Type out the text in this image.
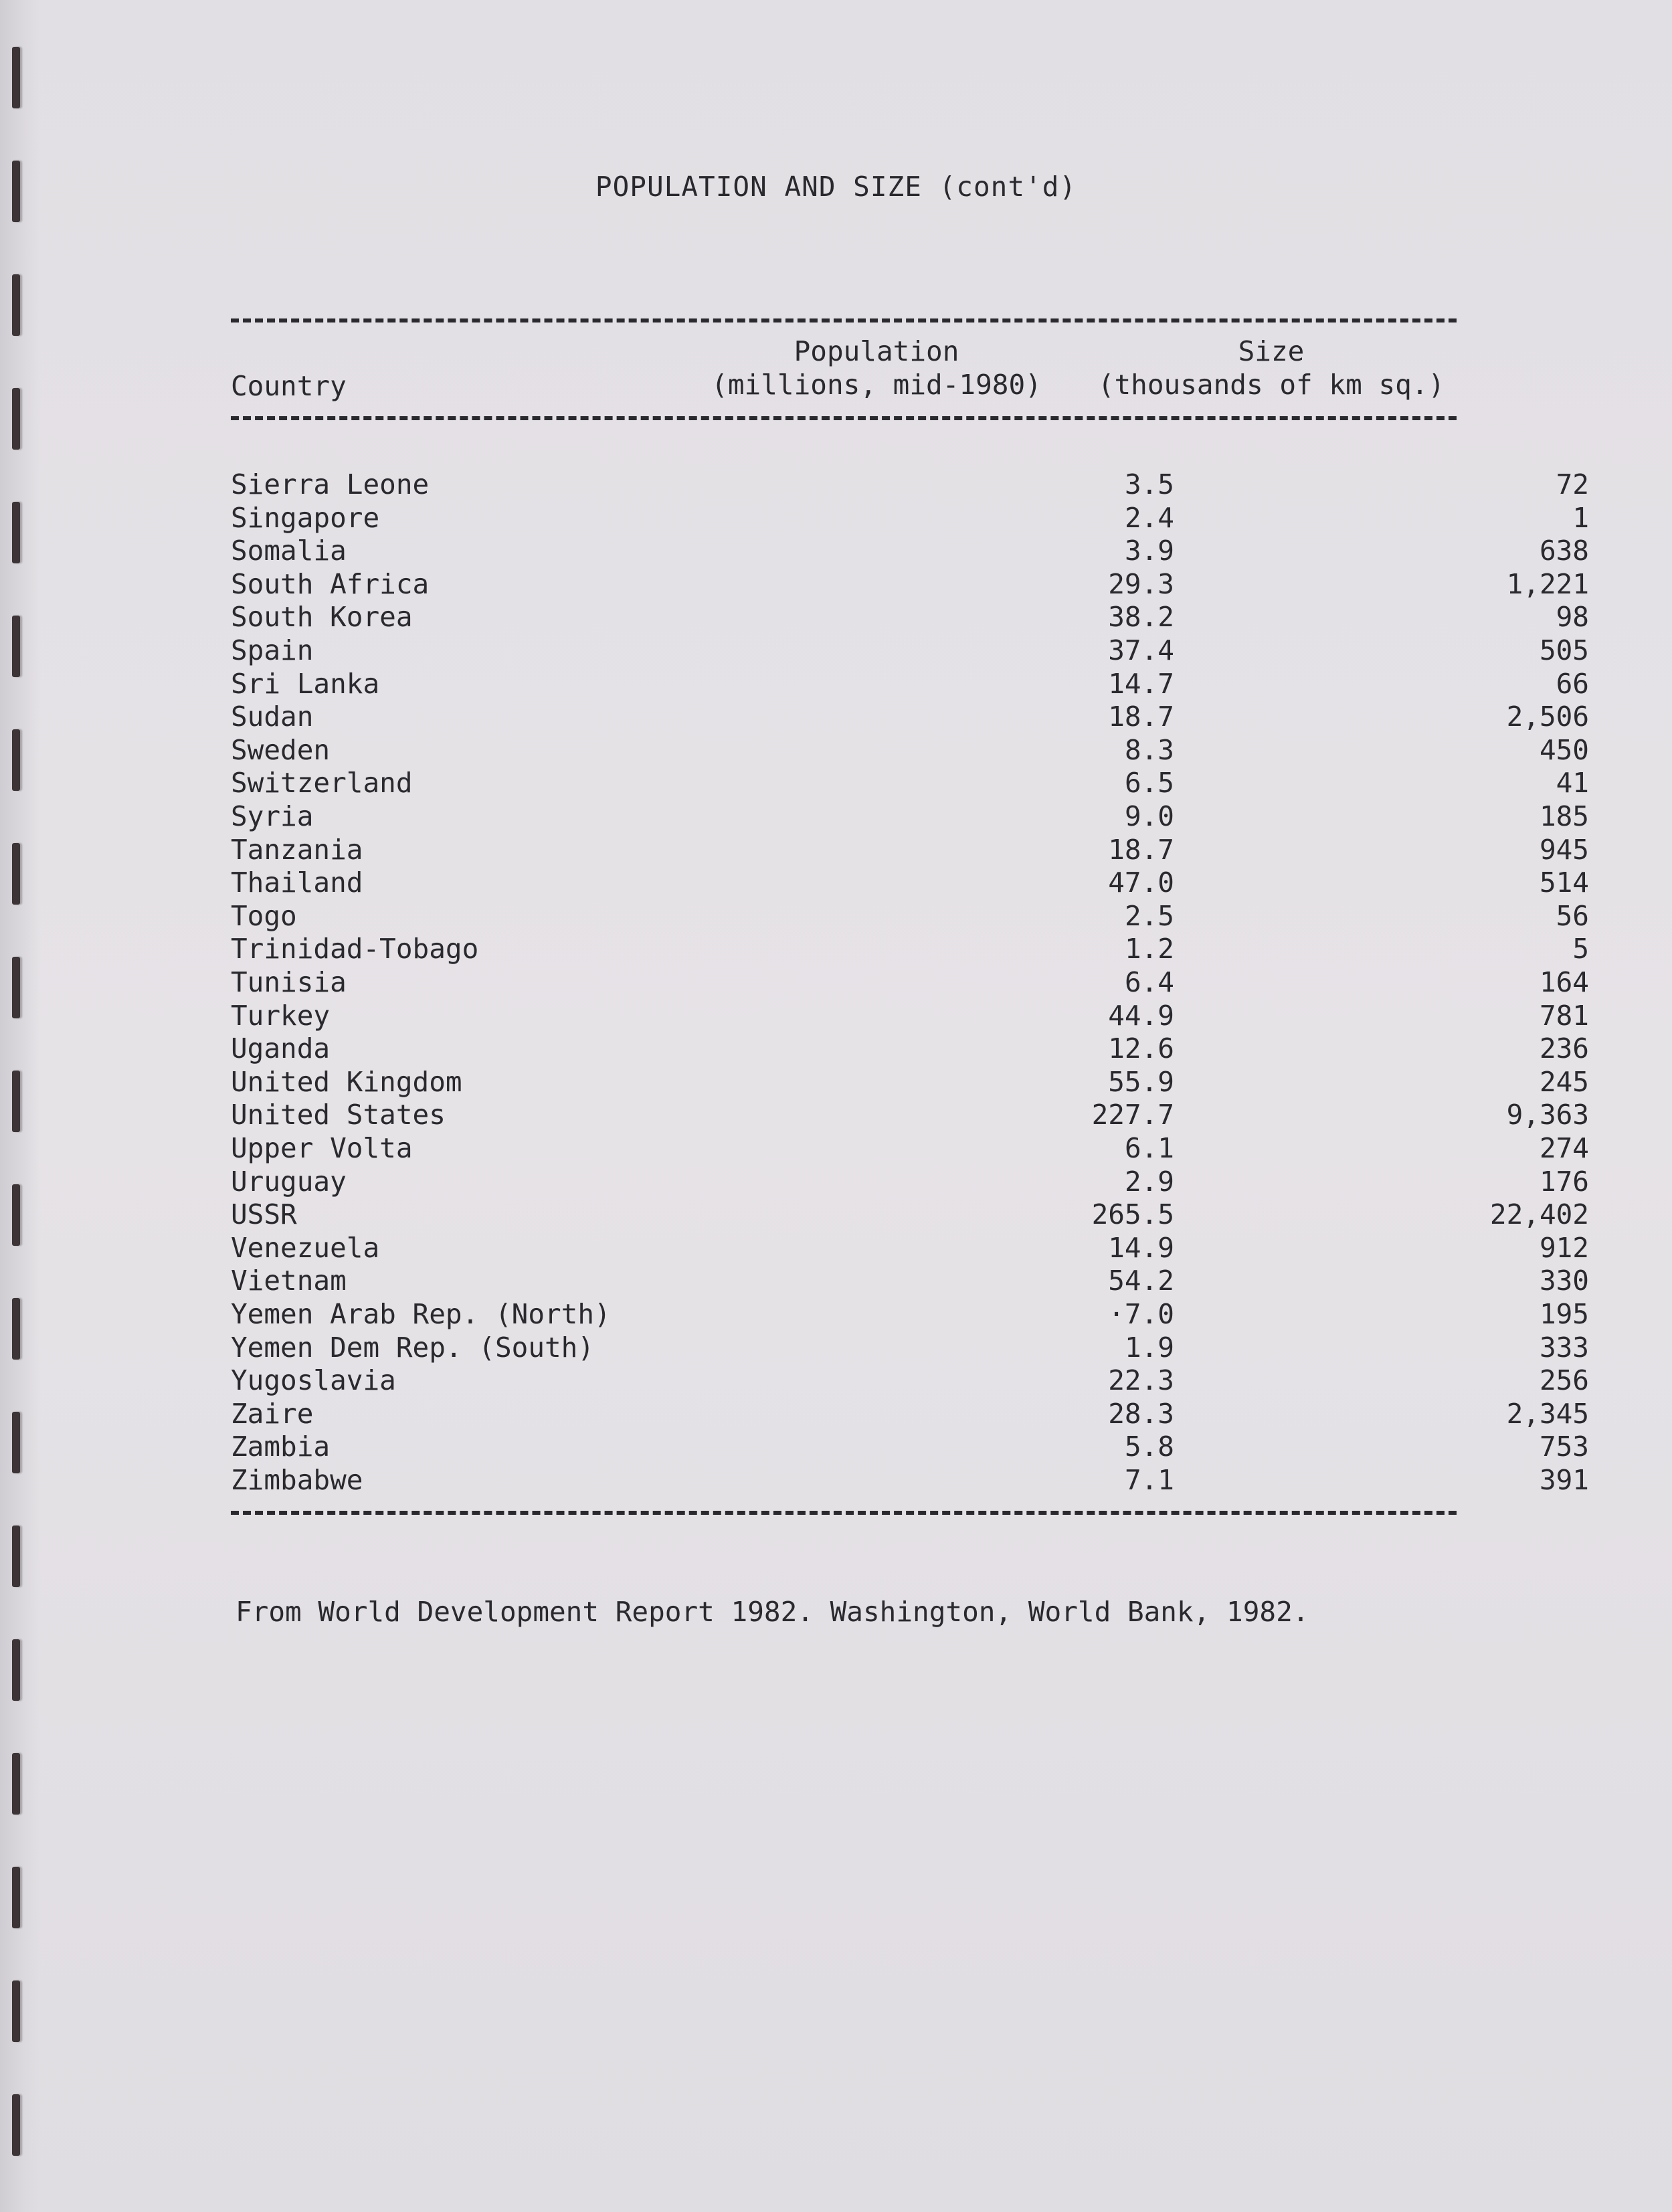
POPULATION AND SIZE (cont'd)
Country
Population
(millions, mid-1980)
Size
(thousands of km sq.)
Sierra Leone	3.5	72
Singapore	2.4	1
Somalia	3.9	638
South Africa	29.3	1,221
South Korea	38.2	98
Spain	37.4	505
Sri Lanka	14.7	66
Sudan	18.7	2,506
Sweden	8.3	450
Switzerland	6.5	41
Syria	9.0	185
Tanzania	18.7	945
Thailand	47.0	514
Togo	2.5	56
Trinidad-Tobago	1.2	5
Tunisia	6.4	164
Turkey	44.9	781
Uganda	12.6	236
United Kingdom	55.9	245
United States	227.7	9,363
Upper Volta	6.1	274
Uruguay	2.9	176
USSR	265.5	22,402
Venezuela	14.9	912
Vietnam	54.2	330
Yemen Arab Rep. (North)	·7.0	195
Yemen Dem Rep. (South)	1.9	333
Yugoslavia	22.3	256
Zaire	28.3	2,345
Zambia	5.8	753
Zimbabwe	7.1	391
From World Development Report 1982. Washington, World Bank, 1982.
